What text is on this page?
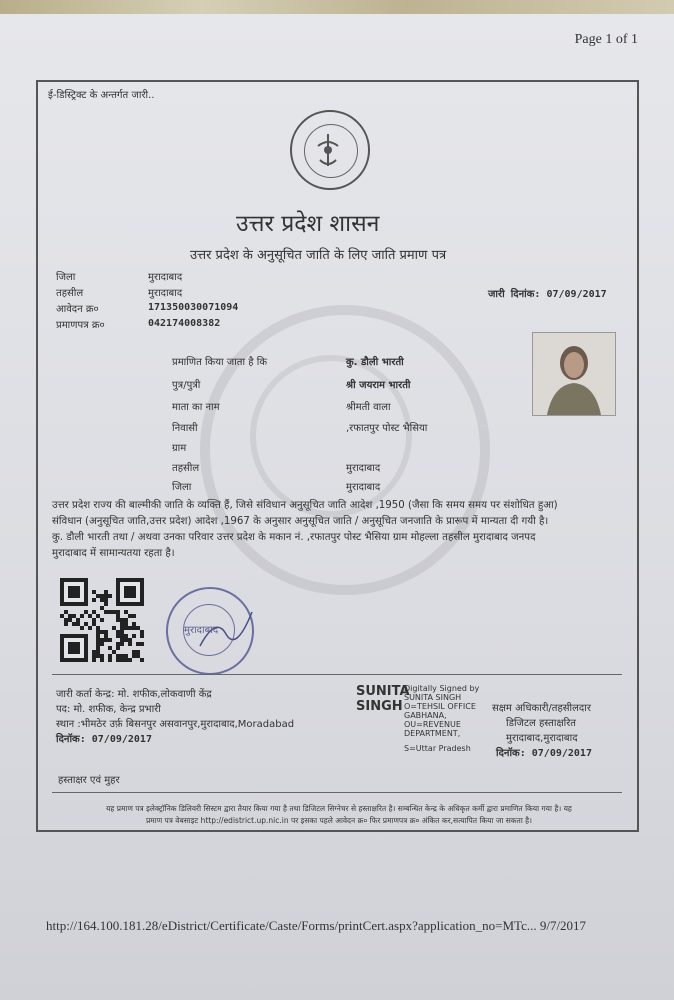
Page 1 of 1
ई-डिस्ट्रिक्ट के अन्तर्गत जारी..
उत्तर प्रदेश शासन
उत्तर प्रदेश के अनुसूचित जाति के लिए जाति प्रमाण पत्र
जिला	मुरादाबाद
तहसील	मुरादाबाद
आवेदन क्र०	171350030071094
प्रमाणपत्र क्र०	042174008382
जारी दिनांक: 07/09/2017
प्रमाणित किया जाता है कि	कु. डौली भारती
पुत्र/पुत्री	श्री जयराम भारती
माता का नाम	श्रीमती वाला
निवासी	,रफातपुर पोस्ट भैसिया
ग्राम
तहसील	मुरादाबाद
जिला	मुरादाबाद
उत्तर प्रदेश राज्य की बाल्मीकी जाति के व्यक्ति हैं, जिसे संविधान अनुसूचित जाति आदेश ,1950 (जैसा कि समय समय पर संशोधित हुआ)
संविधान (अनुसूचित जाति,उत्तर प्रदेश) आदेश ,1967 के अनुसार अनुसूचित जाति / अनुसूचित जनजाति के प्रारूप में मान्यता दी गयी है।
कु. डौली भारती तथा / अथवा उनका परिवार उत्तर प्रदेश के मकान नं. ,रफातपुर पोस्ट भैसिया ग्राम मोहल्ला तहसील मुरादाबाद जनपद
मुरादाबाद में सामान्यतया रहता है।
मुरादाबाद
जारी कर्ता केन्द्र: मो. शफीक,लोकवाणी केंद्र
पद: मो. शफीक, केन्द्र प्रभारी
स्थान :भीमठेर उर्फ़ बिसनपुर असवानपुर,मुरादाबाद,Moradabad
दिनॉक: 07/09/2017
SUNITA
SINGH
Digitally Signed by
SUNITA SINGH
O=TEHSIL OFFICE
GABHANA,
OU=REVENUE
DEPARTMENT,
S=Uttar Pradesh
सक्षम अधिकारी/तहसीलदार
डिजिटल हस्ताक्षरित
मुरादाबाद,मुरादाबाद
दिनॉक: 07/09/2017
हस्ताक्षर एवं मुहर
यह प्रमाण पत्र इलेक्ट्रॉनिक डिलिवरी सिस्टम द्वारा तैयार किया गया है तथा डिजिटल सिग्नेचर से हस्ताक्षरित है। सम्बन्धित केन्द्र के अधिकृत कर्मी द्वारा प्रमाणित किया गया है। यह
प्रमाण पत्र वेबसाइट http://edistrict.up.nic.in पर इसका पहले आवेदन क्र० फिर प्रमाणपत्र क्र० अंकित कर,सत्यापित किया जा सकता है।
http://164.100.181.28/eDistrict/Certificate/Caste/Forms/printCert.aspx?application_no=MTc... 9/7/2017
